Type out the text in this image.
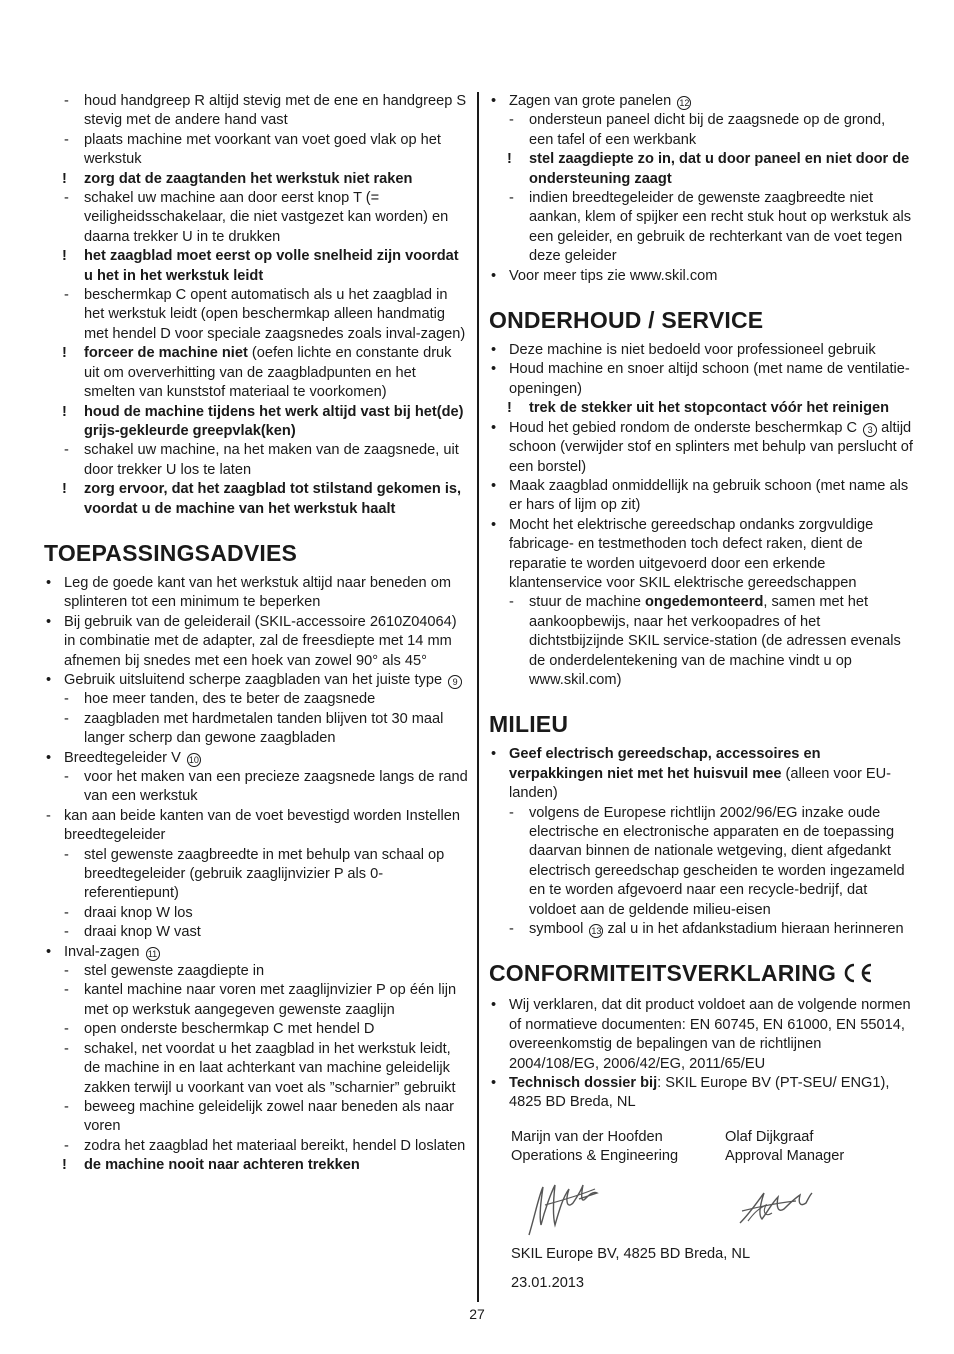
- houd handgreep R altijd stevig met de ene en handgreep S stevig met de andere hand vast
- plaats machine met voorkant van voet goed vlak op het werkstuk
! zorg dat de zaagtanden het werkstuk niet raken
- schakel uw machine aan door eerst knop T (= veiligheidsschakelaar, die niet vastgezet kan worden) en daarna trekker U in te drukken
! het zaagblad moet eerst op volle snelheid zijn voordat u het in het werkstuk leidt
- beschermkap C opent automatisch als u het zaagblad in het werkstuk leidt (open beschermkap alleen handmatig met hendel D voor speciale zaagsnedes zoals inval-zagen)
! forceer de machine niet (oefen lichte en constante druk uit om oververhitting van de zaagbladpunten en het smelten van kunststof materiaal te voorkomen)
! houd de machine tijdens het werk altijd vast bij het(de) grijs-gekleurde greepvlak(ken)
- schakel uw machine, na het maken van de zaagsnede, uit door trekker U los te laten
! zorg ervoor, dat het zaagblad tot stilstand gekomen is, voordat u de machine van het werkstuk haalt
TOEPASSINGSADVIES
• Leg de goede kant van het werkstuk altijd naar beneden om splinteren tot een minimum te beperken
• Bij gebruik van de geleiderail (SKIL-accessoire 2610Z04064) in combinatie met de adapter, zal de freesdiepte met 14 mm afnemen bij snedes met een hoek van zowel 90° als 45°
• Gebruik uitsluitend scherpe zaagbladen van het juiste type 9
- hoe meer tanden, des te beter de zaagsnede
- zaagbladen met hardmetalen tanden blijven tot 30 maal langer scherp dan gewone zaagbladen
• Breedtegeleider V 10
- voor het maken van een precieze zaagsnede langs de rand van een werkstuk
- kan aan beide kanten van de voet bevestigd worden Instellen breedtegeleider
- stel gewenste zaagbreedte in met behulp van schaal op breedtegeleider (gebruik zaaglijnvizier P als 0-referentiepunt)
- draai knop W los
- draai knop W vast
• Inval-zagen 11
- stel gewenste zaagdiepte in
- kantel machine naar voren met zaaglijnvizier P op één lijn met op werkstuk aangegeven gewenste zaaglijn
- open onderste beschermkap C met hendel D
- schakel, net voordat u het zaagblad in het werkstuk leidt, de machine in en laat achterkant van machine geleidelijk zakken terwijl u voorkant van voet als ”scharnier” gebruikt
- beweeg machine geleidelijk zowel naar beneden als naar voren
- zodra het zaagblad het materiaal bereikt, hendel D loslaten
! de machine nooit naar achteren trekken
• Zagen van grote panelen 12
- ondersteun paneel dicht bij de zaagsnede op de grond, een tafel of een werkbank
! stel zaagdiepte zo in, dat u door paneel en niet door de ondersteuning zaagt
- indien breedtegeleider de gewenste zaagbreedte niet aankan, klem of spijker een recht stuk hout op werkstuk als een geleider, en gebruik de rechterkant van de voet tegen deze geleider
• Voor meer tips zie www.skil.com
ONDERHOUD / SERVICE
• Deze machine is niet bedoeld voor professioneel gebruik
• Houd machine en snoer altijd schoon (met name de ventilatie-openingen)
! trek de stekker uit het stopcontact vóór het reinigen
• Houd het gebied rondom de onderste beschermkap C 3 altijd schoon (verwijder stof en splinters met behulp van perslucht of een borstel)
• Maak zaagblad onmiddellijk na gebruik schoon (met name als er hars of lijm op zit)
• Mocht het elektrische gereedschap ondanks zorgvuldige fabricage- en testmethoden toch defect raken, dient de reparatie te worden uitgevoerd door een erkende klantenservice voor SKIL elektrische gereedschappen
- stuur de machine ongedemonteerd, samen met het aankoopbewijs, naar het verkoopadres of het dichtstbijzijnde SKIL service-station (de adressen evenals de onderdelentekening van de machine vindt u op www.skil.com)
MILIEU
• Geef electrisch gereedschap, accessoires en verpakkingen niet met het huisvuil mee (alleen voor EU-landen)
- volgens de Europese richtlijn 2002/96/EG inzake oude electrische en electronische apparaten en de toepassing daarvan binnen de nationale wetgeving, dient afgedankt electrisch gereedschap gescheiden te worden ingezameld en te worden afgevoerd naar een recycle-bedrijf, dat voldoet aan de geldende milieu-eisen
- symbool 13 zal u in het afdankstadium hieraan herinneren
CONFORMITEITSVERKLARING
• Wij verklaren, dat dit product voldoet aan de volgende normen of normatieve documenten: EN 60745, EN 61000, EN 55014, overeenkomstig de bepalingen van de richtlijnen 2004/108/EG, 2006/42/EG, 2011/65/EU
• Technisch dossier bij: SKIL Europe BV (PT-SEU/ ENG1), 4825 BD Breda, NL
Marijn van der Hoofden
Operations & Engineering
Olaf Dijkgraaf
Approval Manager
SKIL Europe BV, 4825 BD Breda, NL
23.01.2013
27
